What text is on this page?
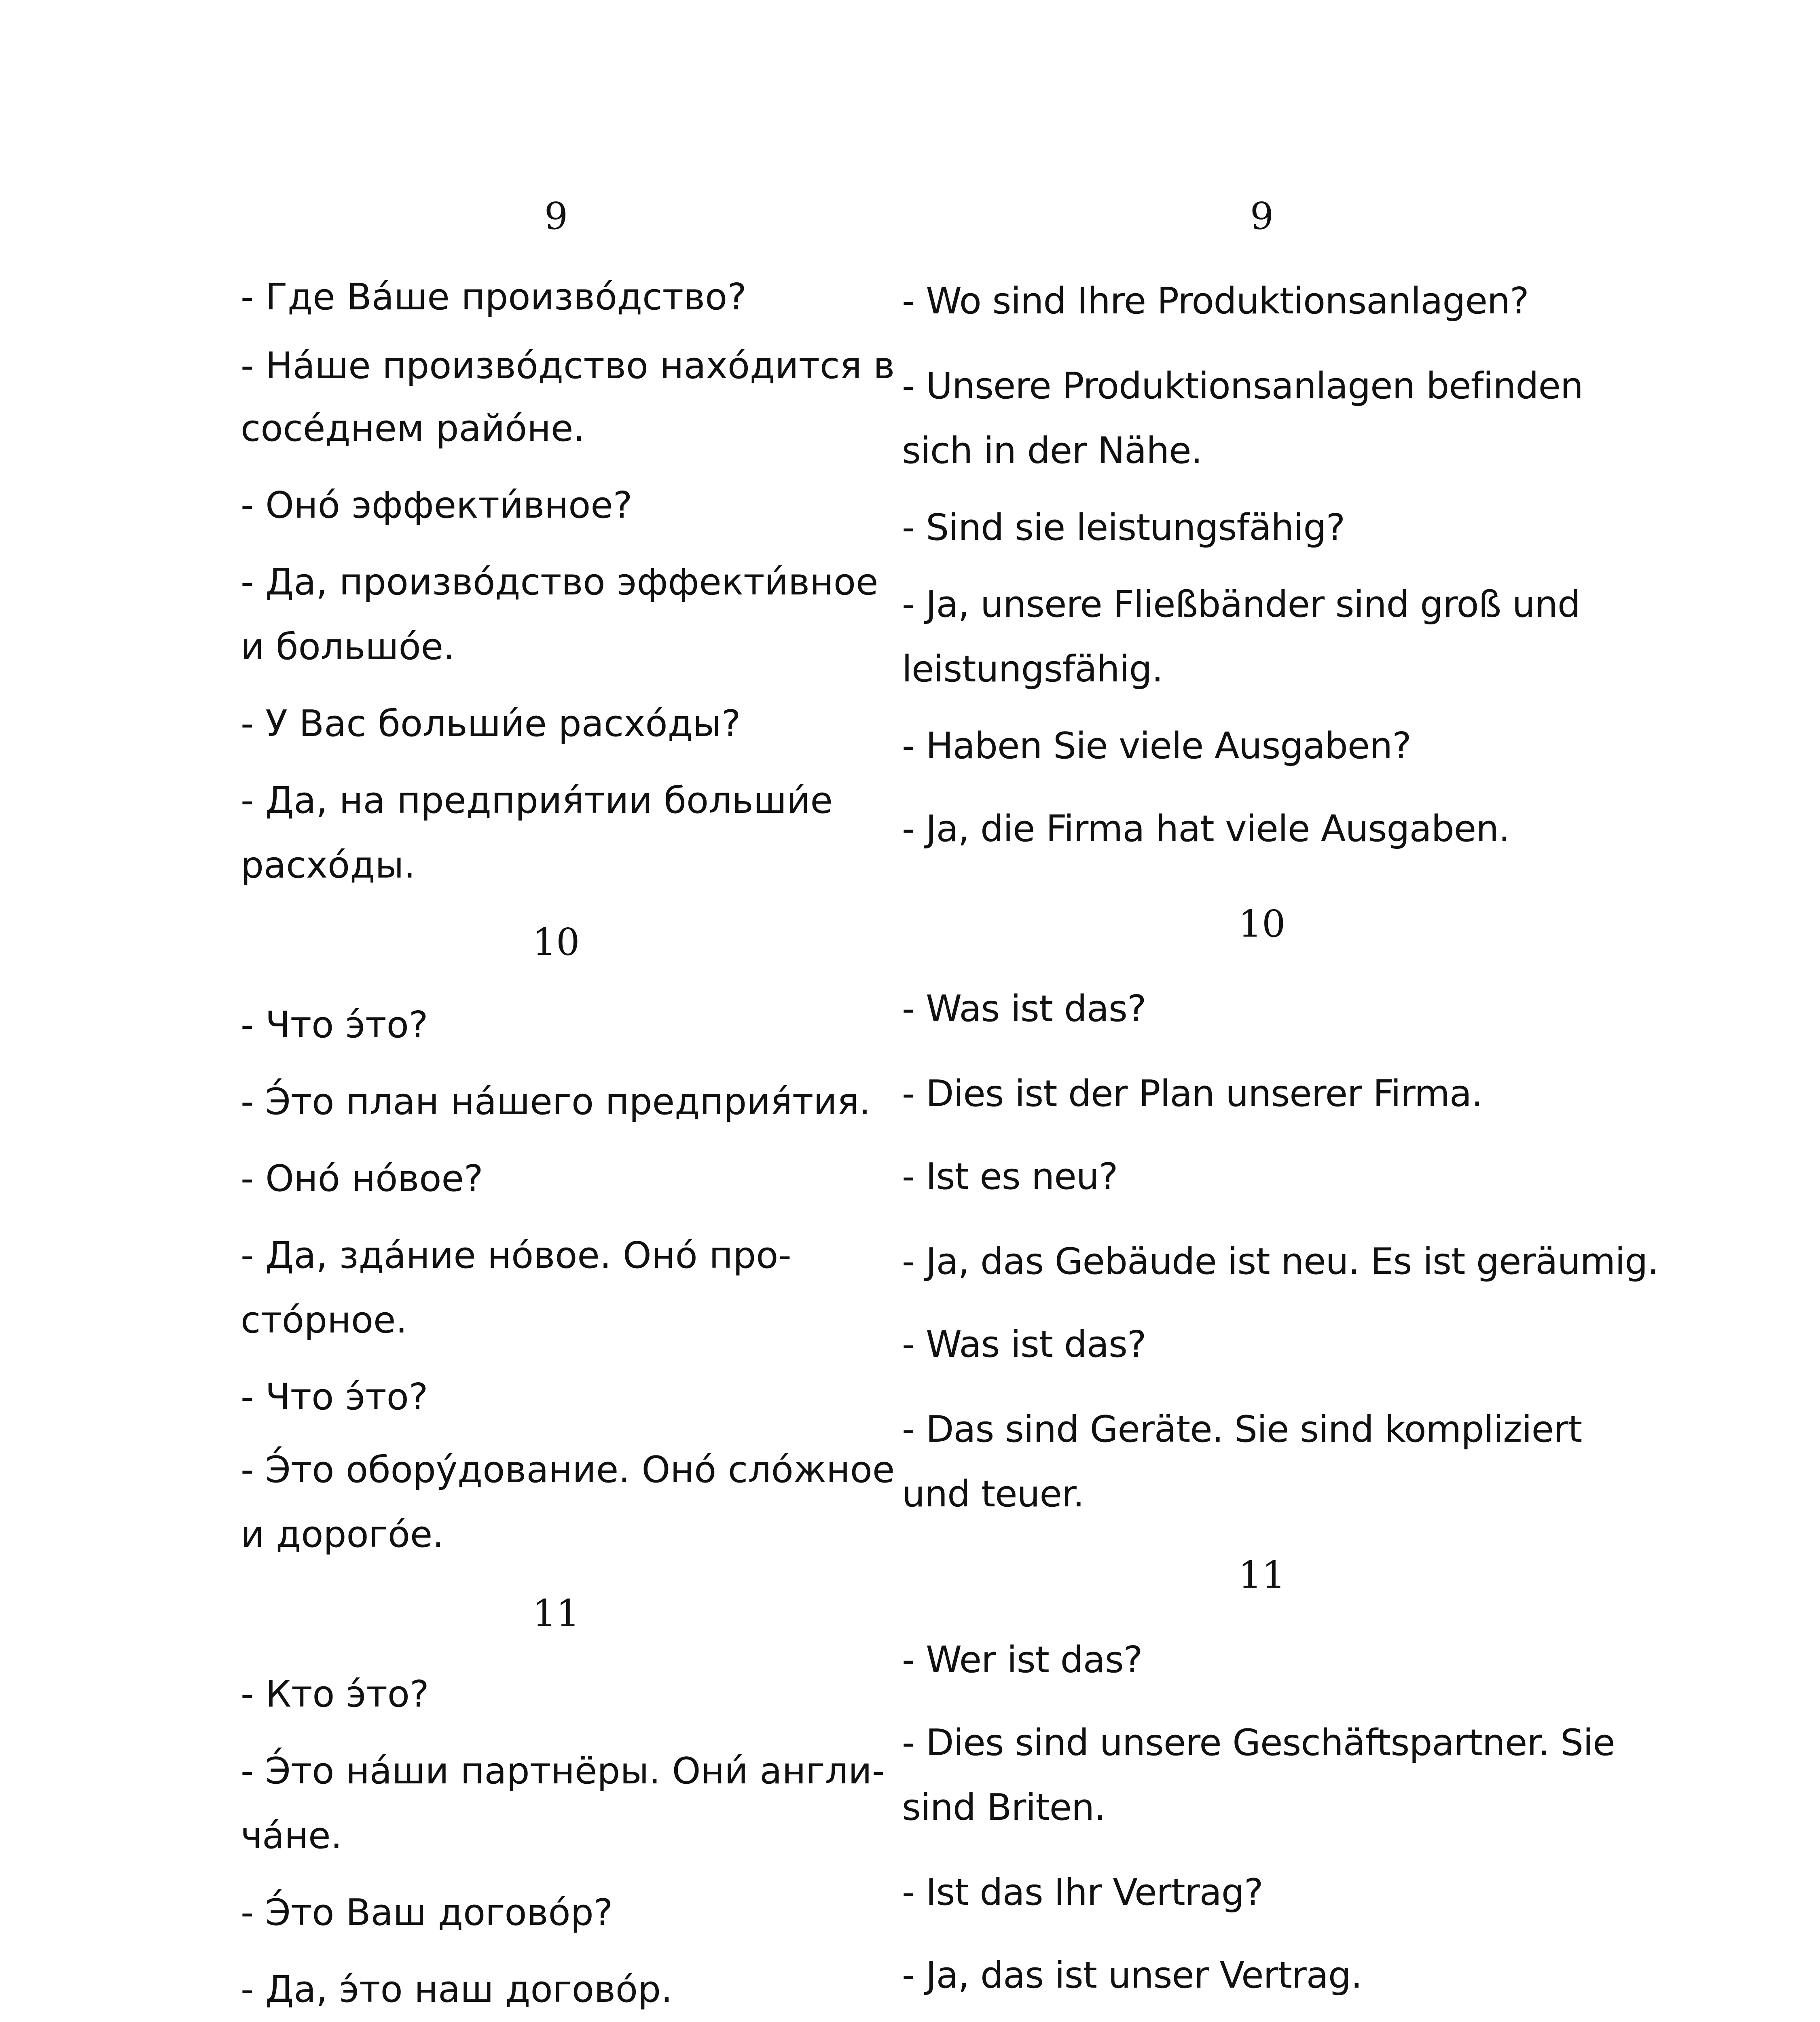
9
- Где Ва́ше произво́дство?
- На́ше произво́дство нахо́дится в
сосе́днем райо́не.
- Оно́ эффекти́вное?
- Да, произво́дство эффекти́вное
и большо́е.
- У Вас больши́е расхо́ды?
- Да, на предприя́тии больши́е
расхо́ды.
10
- Что э́то?
- Э́то план на́шего предприя́тия.
- Оно́ но́вое?
- Да, зда́ние но́вое. Оно́ про-
сто́рное.
- Что э́то?
- Э́то обору́дование. Оно́ сло́жное
и дорого́е.
11
- Кто э́то?
- Э́то на́ши партнёры. Они́ англи-
ча́не.
- Э́то Ваш догово́р?
- Да, э́то наш догово́р.
9
- Wo sind Ihre Produktionsanlagen?
- Unsere Produktionsanlagen befinden
sich in der Nähe.
- Sind sie leistungsfähig?
- Ja, unsere Fließbänder sind groß und
leistungsfähig.
- Haben Sie viele Ausgaben?
- Ja, die Firma hat viele Ausgaben.
10
- Was ist das?
- Dies ist der Plan unserer Firma.
- Ist es neu?
- Ja, das Gebäude ist neu. Es ist geräumig.
- Was ist das?
- Das sind Geräte. Sie sind kompliziert
und teuer.
11
- Wer ist das?
- Dies sind unsere Geschäftspartner. Sie
sind Briten.
- Ist das Ihr Vertrag?
- Ja, das ist unser Vertrag.
